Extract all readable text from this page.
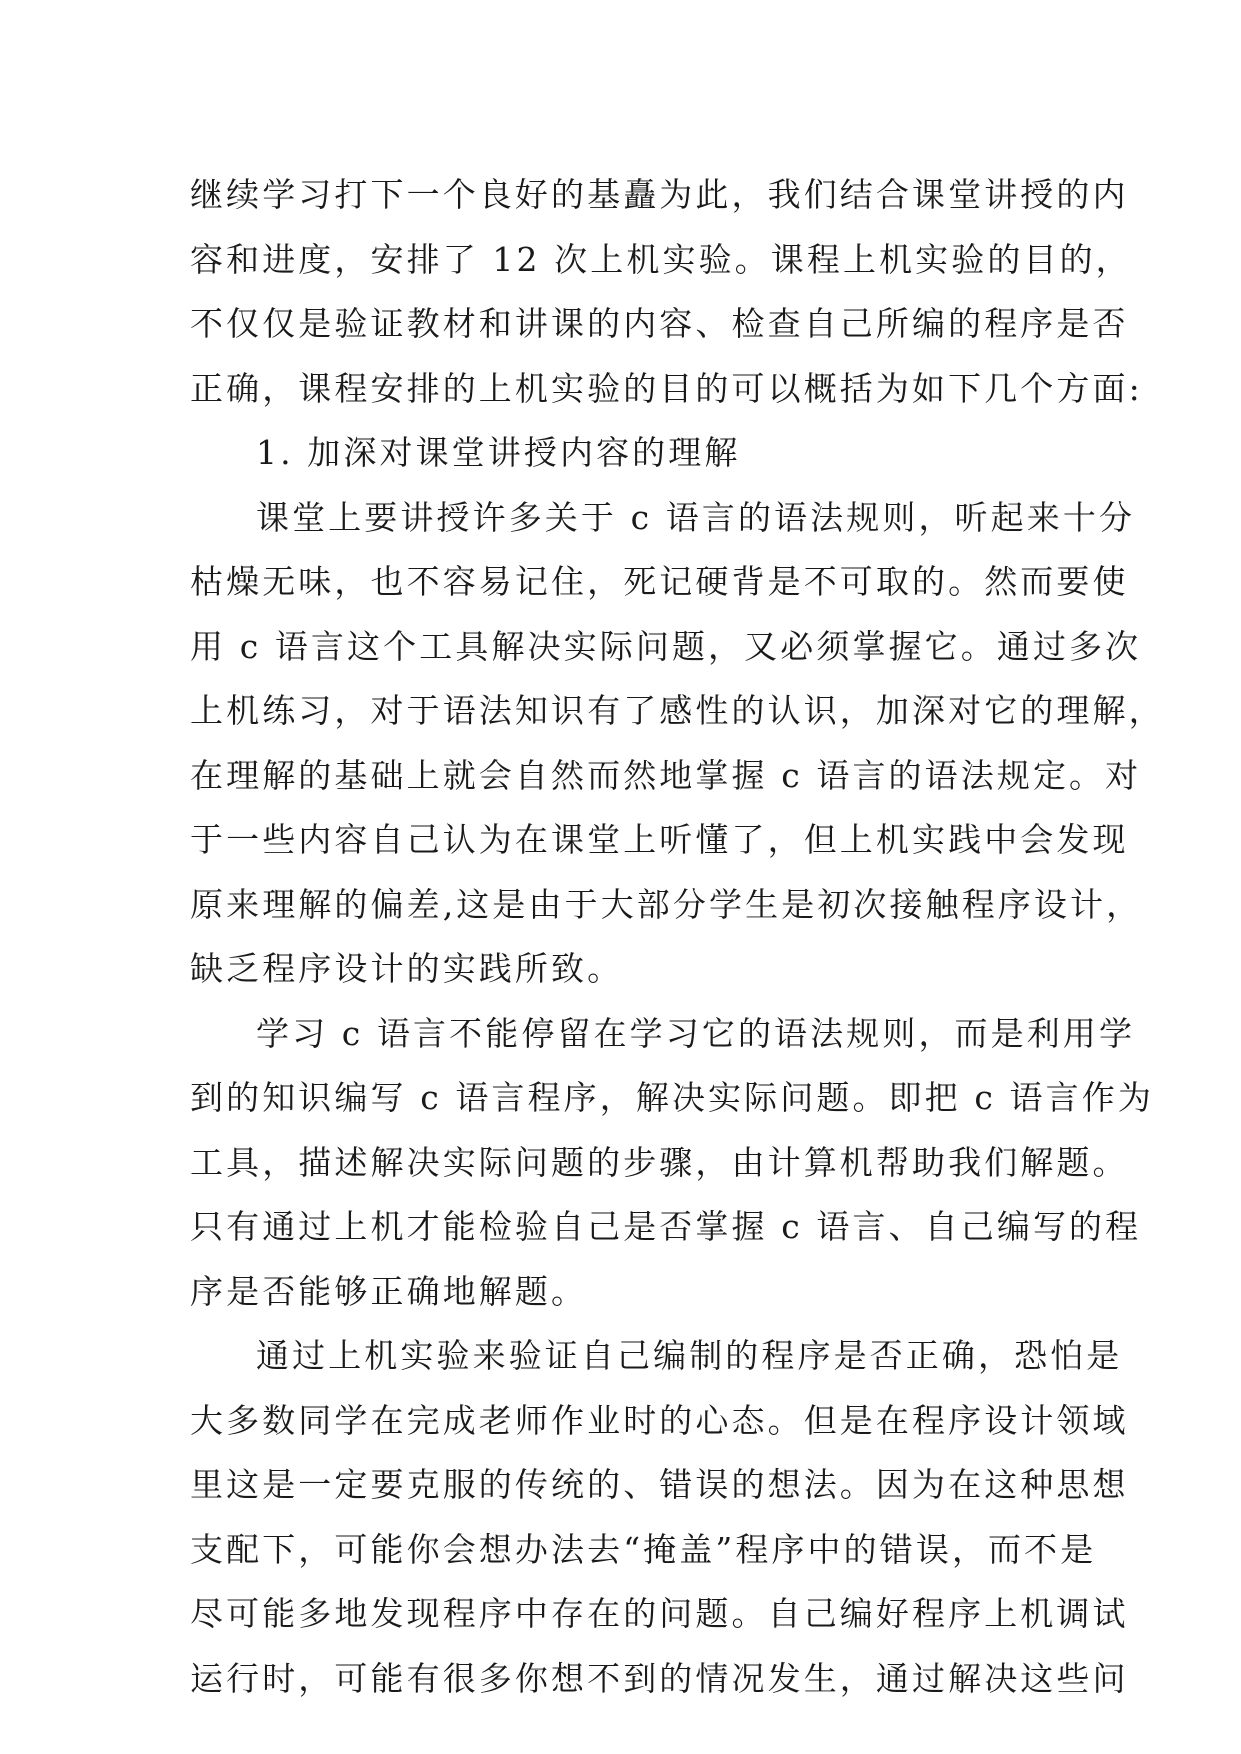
继续学习打下一个良好的基矗为此，我们结合课堂讲授的内
容和进度，安排了 12 次上机实验。课程上机实验的目的，
不仅仅是验证教材和讲课的内容、检查自己所编的程序是否
正确，课程安排的上机实验的目的可以概括为如下几个方面:
1. 加深对课堂讲授内容的理解
课堂上要讲授许多关于 c 语言的语法规则，听起来十分
枯燥无味，也不容易记住，死记硬背是不可取的。然而要使
用 c 语言这个工具解决实际问题，又必须掌握它。通过多次
上机练习，对于语法知识有了感性的认识，加深对它的理解，
在理解的基础上就会自然而然地掌握 c 语言的语法规定。对
于一些内容自己认为在课堂上听懂了，但上机实践中会发现
原来理解的偏差,这是由于大部分学生是初次接触程序设计，
缺乏程序设计的实践所致。
学习 c 语言不能停留在学习它的语法规则，而是利用学
到的知识编写 c 语言程序，解决实际问题。即把 c 语言作为
工具，描述解决实际问题的步骤，由计算机帮助我们解题。
只有通过上机才能检验自己是否掌握 c 语言、自己编写的程
序是否能够正确地解题。
通过上机实验来验证自己编制的程序是否正确，恐怕是
大多数同学在完成老师作业时的心态。但是在程序设计领域
里这是一定要克服的传统的、错误的想法。因为在这种思想
支配下，可能你会想办法去“掩盖”程序中的错误，而不是
尽可能多地发现程序中存在的问题。自己编好程序上机调试
运行时，可能有很多你想不到的情况发生，通过解决这些问
